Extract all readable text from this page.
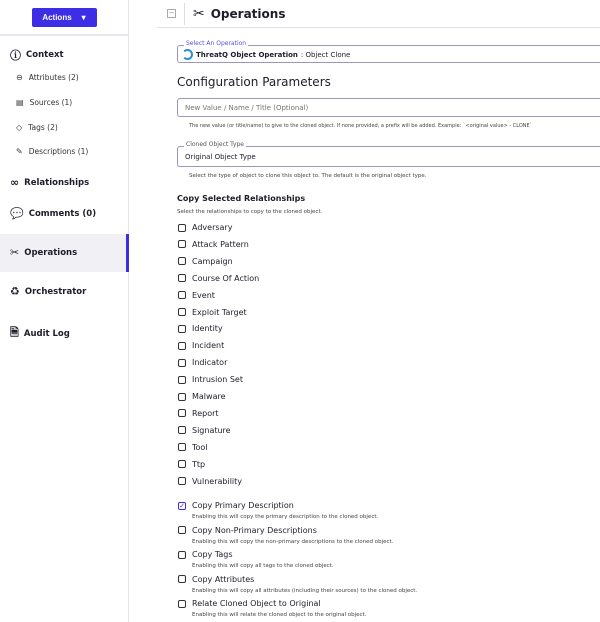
Actions ▾
ⓘ Context
⊖ Attributes (2)
▤ Sources (1)
◇ Tags (2)
✎ Descriptions (1)
∞ Relationships
💬 Comments (0)
✂ Operations
♻ Orchestrator
🗎 Audit Log
− ✂ Operations
Select An Operation
ThreatQ Object Operation : Object Clone
Configuration Parameters
New Value / Name / Title (Optional)
The new value (or title/name) to give to the cloned object. If none provided, a prefix will be added. Example: `<original value> - CLONE`
Cloned Object Type
Original Object Type
Select the type of object to clone this object to. The default is the original object type.
Copy Selected Relationships
Select the relationships to copy to the cloned object.
Adversary
Attack Pattern
Campaign
Course Of Action
Event
Exploit Target
Identity
Incident
Indicator
Intrusion Set
Malware
Report
Signature
Tool
Ttp
Vulnerability
✓ Copy Primary Description
Enabling this will copy the primary description to the cloned object.
Copy Non-Primary Descriptions
Enabling this will copy the non-primary descriptions to the cloned object.
Copy Tags
Enabling this will copy all tags to the cloned object.
Copy Attributes
Enabling this will copy all attributes (including their sources) to the cloned object.
Relate Cloned Object to Original
Enabling this will relate the cloned object to the original object.
